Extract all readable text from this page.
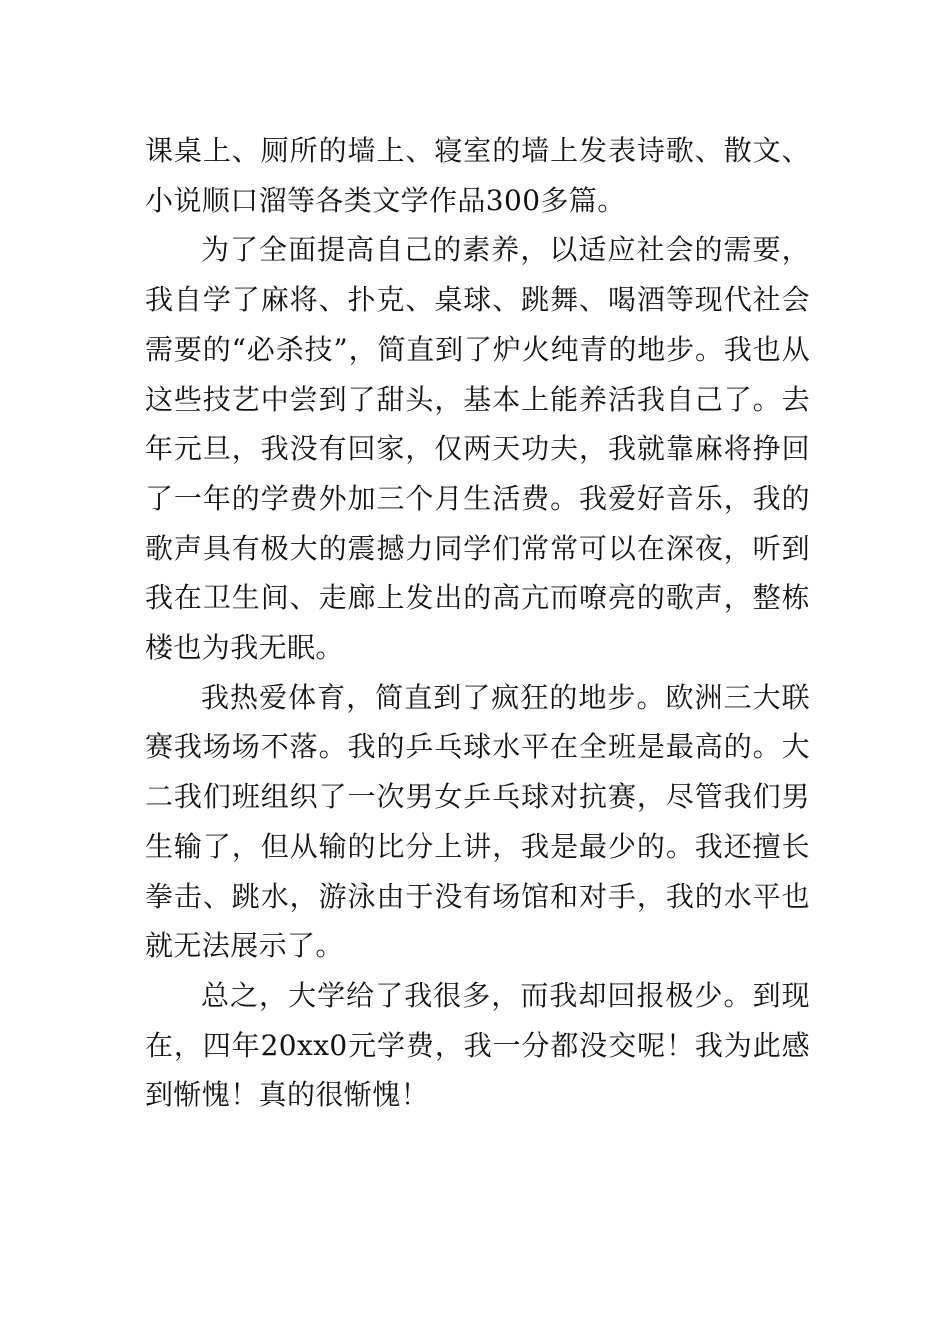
课桌上、厕所的墙上、寝室的墙上发表诗歌、散文、小说顺口溜等各类文学作品300多篇。

为了全面提高自己的素养，以适应社会的需要，我自学了麻将、扑克、桌球、跳舞、喝酒等现代社会需要的“必杀技”，简直到了炉火纯青的地步。我也从这些技艺中尝到了甜头，基本上能养活我自己了。去年元旦，我没有回家，仅两天功夫，我就靠麻将挣回了一年的学费外加三个月生活费。我爱好音乐，我的歌声具有极大的震撼力同学们常常可以在深夜，听到我在卫生间、走廊上发出的高亢而嘹亮的歌声，整栋楼也为我无眠。

我热爱体育，简直到了疯狂的地步。欧洲三大联赛我场场不落。我的乒乓球水平在全班是最高的。大二我们班组织了一次男女乒乓球对抗赛，尽管我们男生输了，但从输的比分上讲，我是最少的。我还擅长拳击、跳水，游泳由于没有场馆和对手，我的水平也就无法展示了。

总之，大学给了我很多，而我却回报极少。到现在，四年20xx0元学费，我一分都没交呢！我为此感到惭愧！真的很惭愧！
